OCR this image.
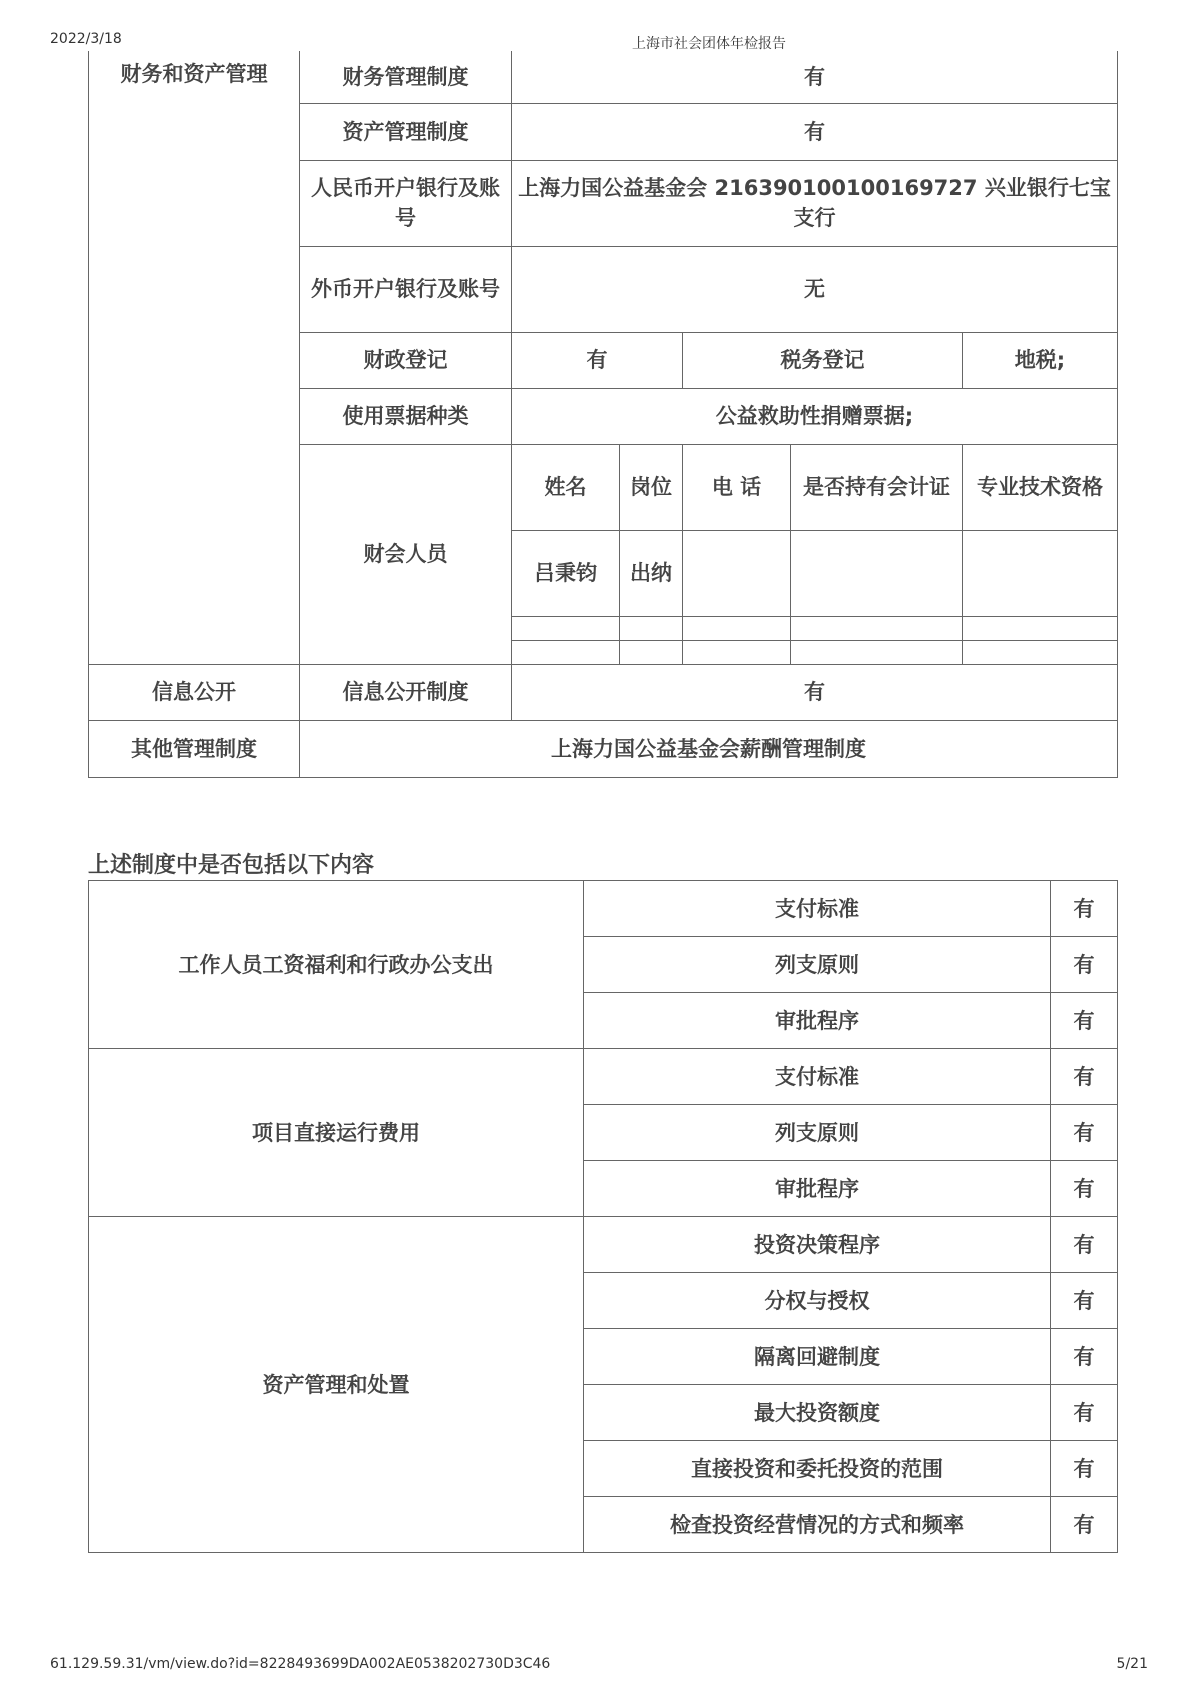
2022/3/18	上海市社会团体年检报告
财务和资产管理	财务管理制度	有				
	资产管理制度	有				
	人民币开户银行及账号	上海力国公益基金会 216390100100169727 兴业银行七宝支行				
	外币开户银行及账号	无				
	财政登记	有		税务登记		地税;
	使用票据种类	公益救助性捐赠票据;				
	财会人员	姓名	岗位	电 话	是否持有会计证	专业技术资格
		吕秉钧	出纳			

信息公开	信息公开制度	有				
其他管理制度	上海力国公益基金会薪酬管理制度					
上述制度中是否包括以下内容
工作人员工资福利和行政办公支出	支付标准	有
	列支原则	有
	审批程序	有
项目直接运行费用	支付标准	有
	列支原则	有
	审批程序	有
资产管理和处置	投资决策程序	有
	分权与授权	有
	隔离回避制度	有
	最大投资额度	有
	直接投资和委托投资的范围	有
	检查投资经营情况的方式和频率	有
61.129.59.31/vm/view.do?id=8228493699DA002AE0538202730D3C46	5/21
